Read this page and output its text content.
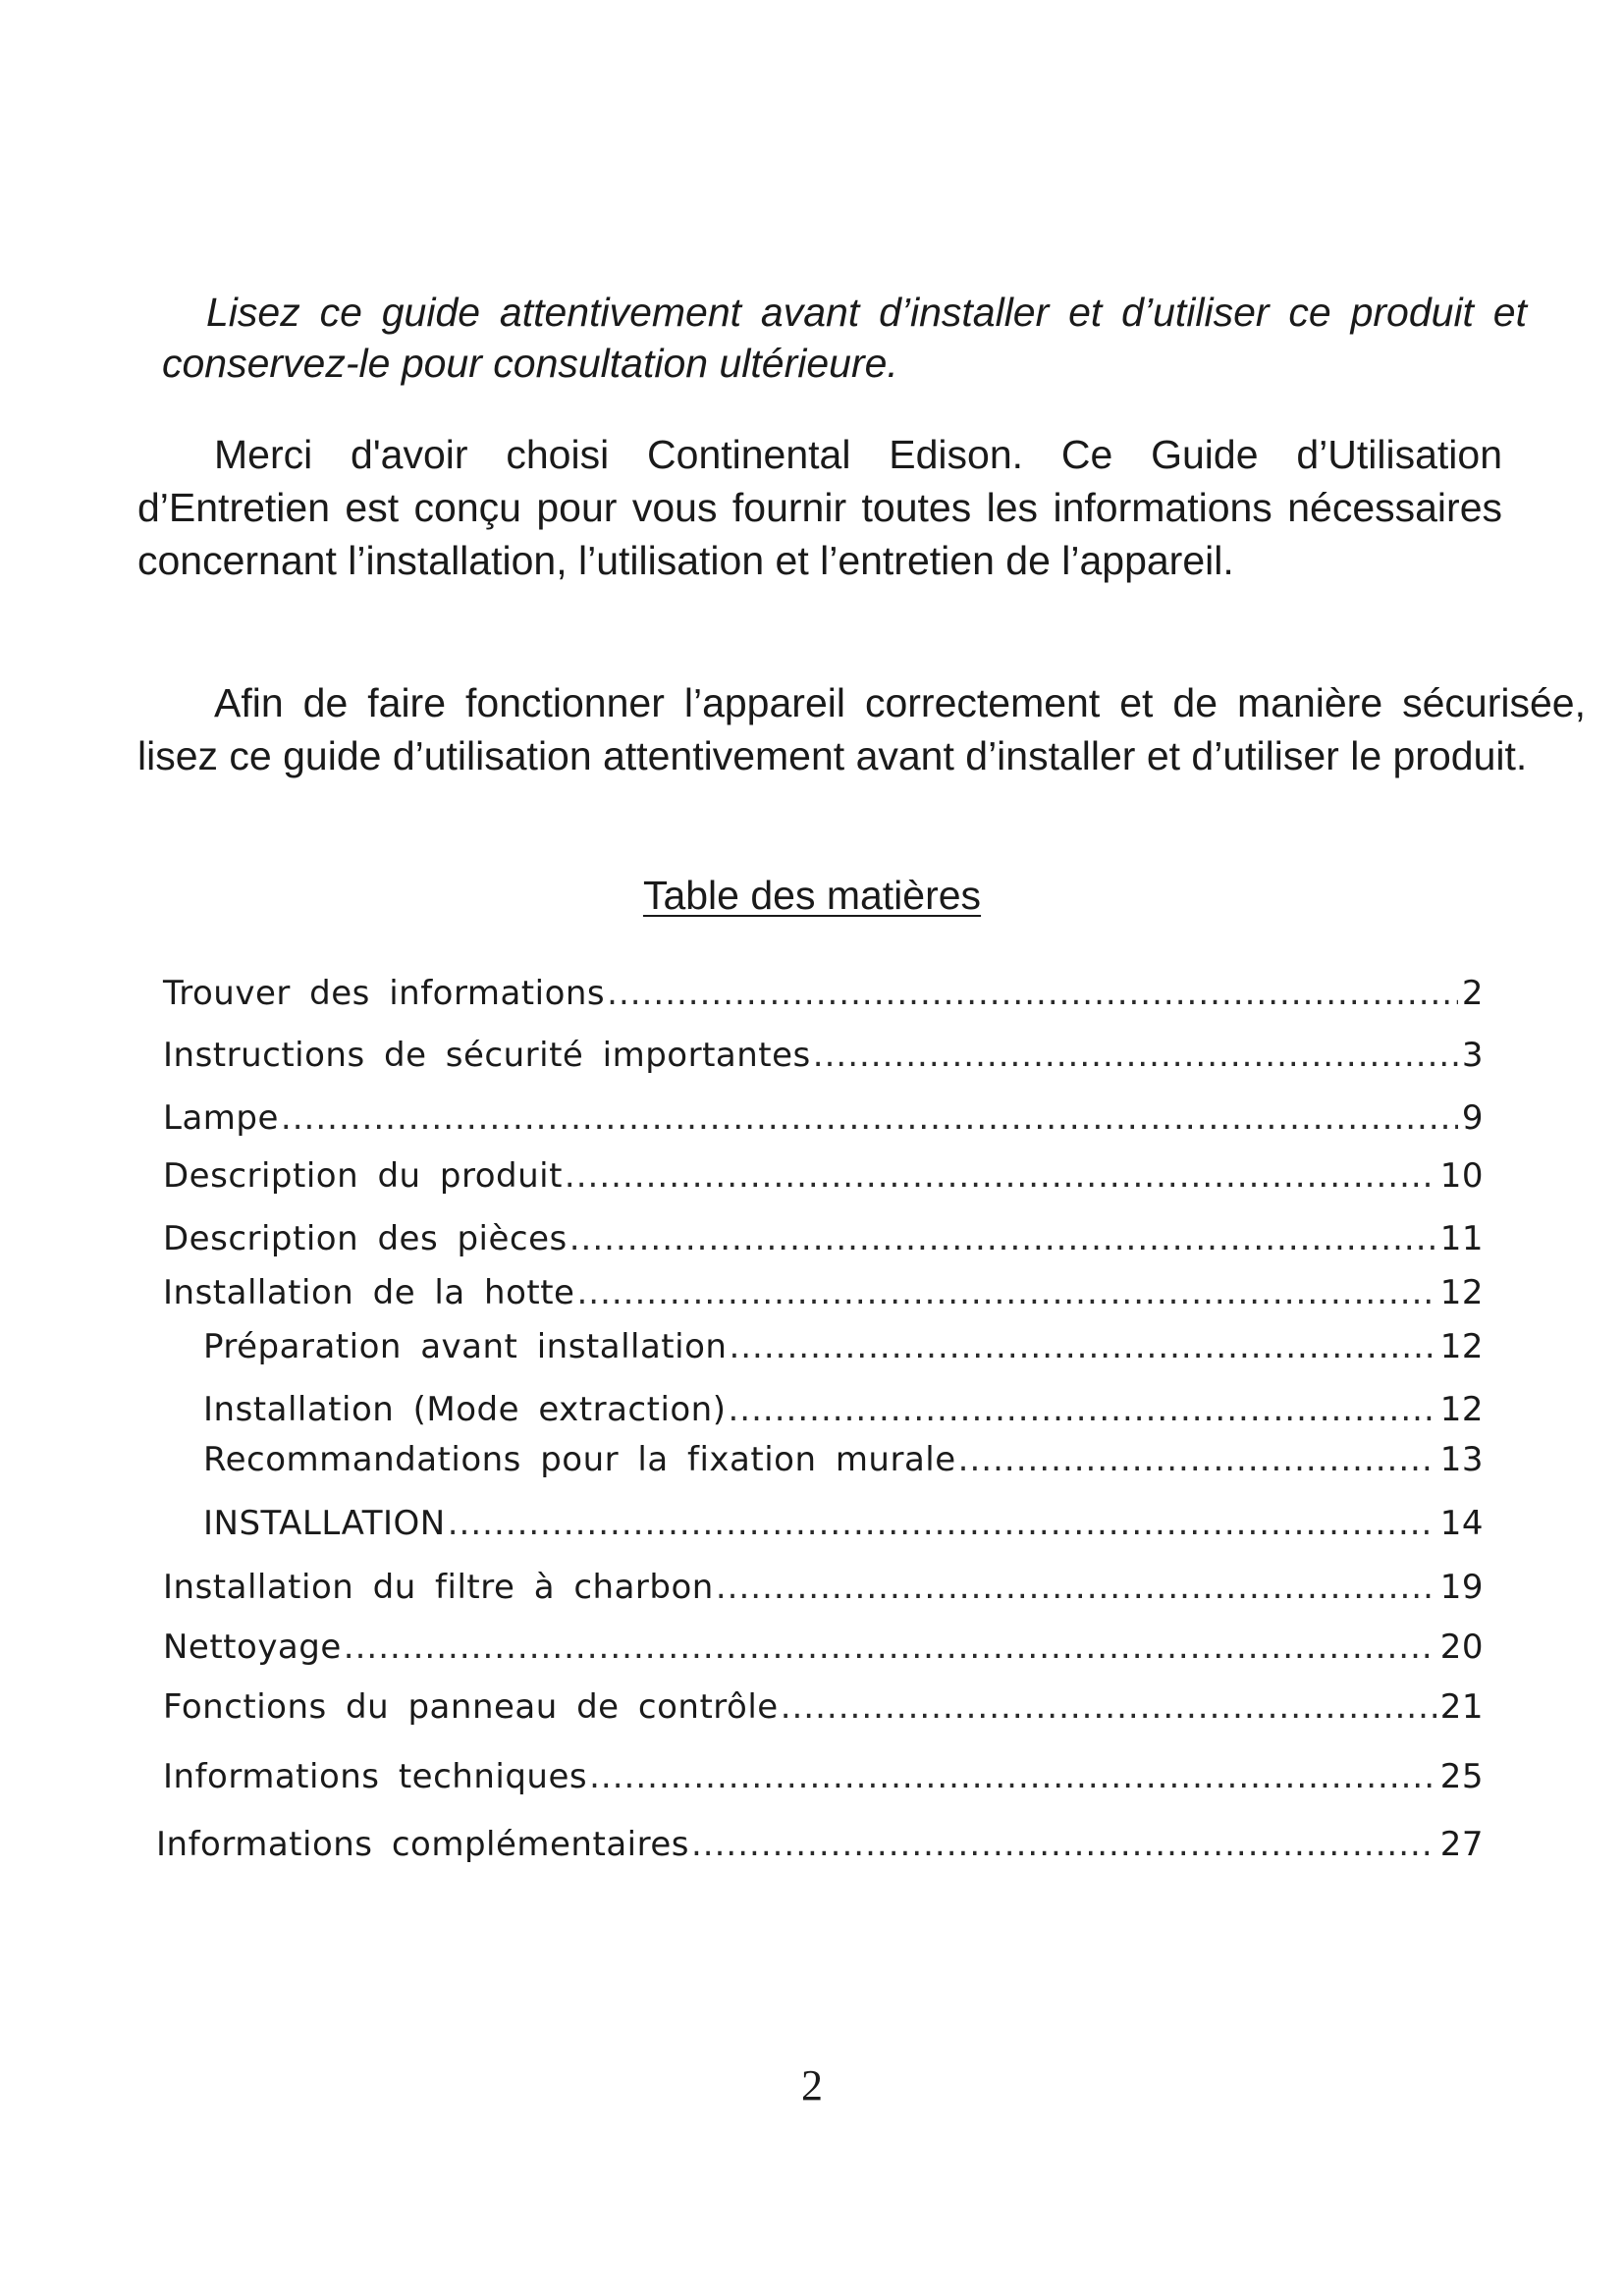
Lisez ce guide attentivement avant d’installer et d’utiliser ce produit et conservez-le pour consultation ultérieure.

Merci d'avoir choisi Continental Edison. Ce Guide d’Utilisation d’Entretien est conçu pour vous fournir toutes les informations nécessaires concernant l’installation, l’utilisation et l’entretien de l’appareil.

Afin de faire fonctionner l’appareil correctement et de manière sécurisée, lisez ce guide d’utilisation attentivement avant d’installer et d’utiliser le produit.

Table des matières

Trouver des informations .....	2
Instructions de sécurité importantes .....	3
Lampe .....	9
Description du produit .....	10
Description des pièces .....	11
Installation de la hotte .....	12
Préparation avant installation .....	12
Installation (Mode extraction) .....	12
Recommandations pour la fixation murale .....	13
INSTALLATION .....	14
Installation du filtre à charbon .....	19
Nettoyage .....	20
Fonctions du panneau de contrôle .....	21
Informations techniques .....	25
Informations complémentaires .....	27

2
